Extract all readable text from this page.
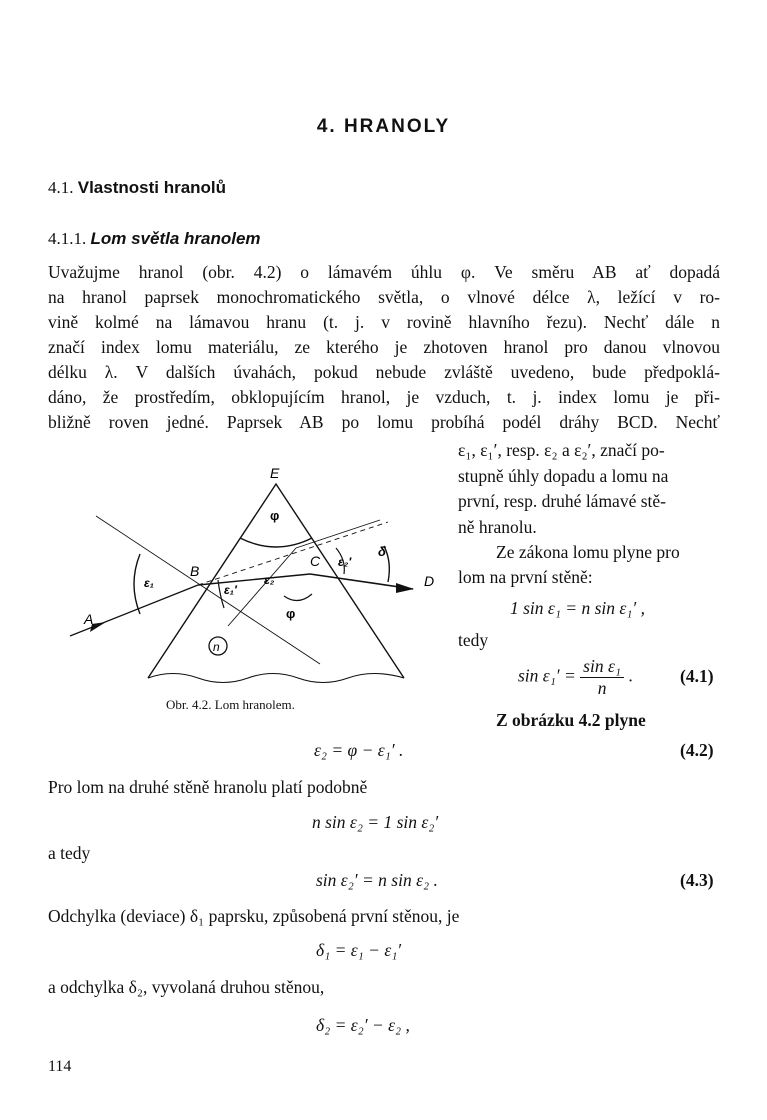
4. HRANOLY
4.1. Vlastnosti hranolů
4.1.1. Lom světla hranolem
Uvažujme hranol (obr. 4.2) o lámavém úhlu φ. Ve směru AB ať dopadá
na hranol paprsek monochromatického světla, o vlnové délce λ, ležící v ro-
vině kolmé na lámavou hranu (t. j. v rovině hlavního řezu). Nechť dále n
značí index lomu materiálu, ze kterého je zhotoven hranol pro danou vlnovou
délku λ. V dalších úvahách, pokud nebude zvláště uvedeno, bude předpoklá-
dáno, že prostředím, obklopujícím hranol, je vzduch, t. j. index lomu je při-
bližně roven jedné. Paprsek AB po lomu probíhá podél dráhy BCD. Nechť
ε₁, ε₁′, resp. ε₂ a ε₂′, značí po-
stupně úhly dopadu a lomu na
první, resp. druhé lámavé stě-
ně hranolu.
Ze zákona lomu plyne pro
lom na první stěně:
1 sin ε₁ = n sin ε₁′ ,
tedy
$\sin \varepsilon_1' = \frac{\text{sin ε₁}}{n}$ .	(4.1)
Z obrázku 4.2 plyne
ε₂ = φ − ε₁′ .	(4.2)
Pro lom na druhé stěně hranolu platí podobně
n sin ε₂ = 1 sin ε₂′
a tedy
sin ε₂′ = n sin ε₂ .	(4.3)
Odchylka (deviace) δ₁ paprsku, způsobená první stěnou, je
δ₁ = ε₁ − ε₁′
a odchylka δ₂, vyvolaná druhou stěnou,
δ₂ = ε₂′ − ε₂ ,
E
φ
A
B
C
D
ε₁	ε₁′
ε₂
φ
ε₂′
δ
n
Obr. 4.2. Lom hranolem.
114
